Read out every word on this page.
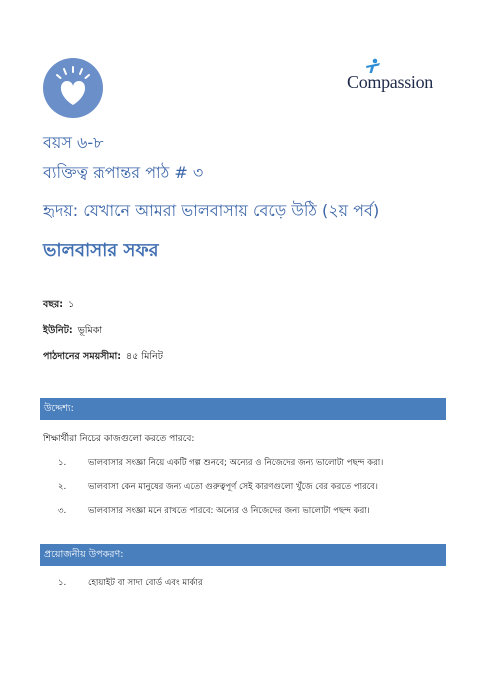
Compassion
বয়স ৬-৮
ব্যক্তিত্ব রূপান্তর পাঠ # ৩
হৃদয়: যেখানে আমরা ভালবাসায় বেড়ে উঠি (২য় পর্ব)
ভালবাসার সফর
বছর: ১
ইউনিট: ভূমিকা
পাঠদানের সময়সীমা: ৪৫ মিনিট
উদ্দেশ্য:
শিক্ষার্থীরা নিচের কাজগুলো করতে পারবে:
১.	ভালবাসার সংজ্ঞা নিয়ে একটি গল্প শুনবে; অন্যের ও নিজেদের জন্য ভালোটা পছন্দ করা।
২.	ভালবাসা কেন মানুষের জন্য এতো গুরুত্বপূর্ণ সেই কারণগুলো খুঁজে বের করতে পারবে।
৩.	ভালবাসার সংজ্ঞা মনে রাখতে পারবে: অন্যের ও নিজেদের জন্য ভালোটা পছন্দ করা।
প্রয়োজনীয় উপকরণ:
১.	হোয়াইট বা সাদা বোর্ড এবং মার্কার
